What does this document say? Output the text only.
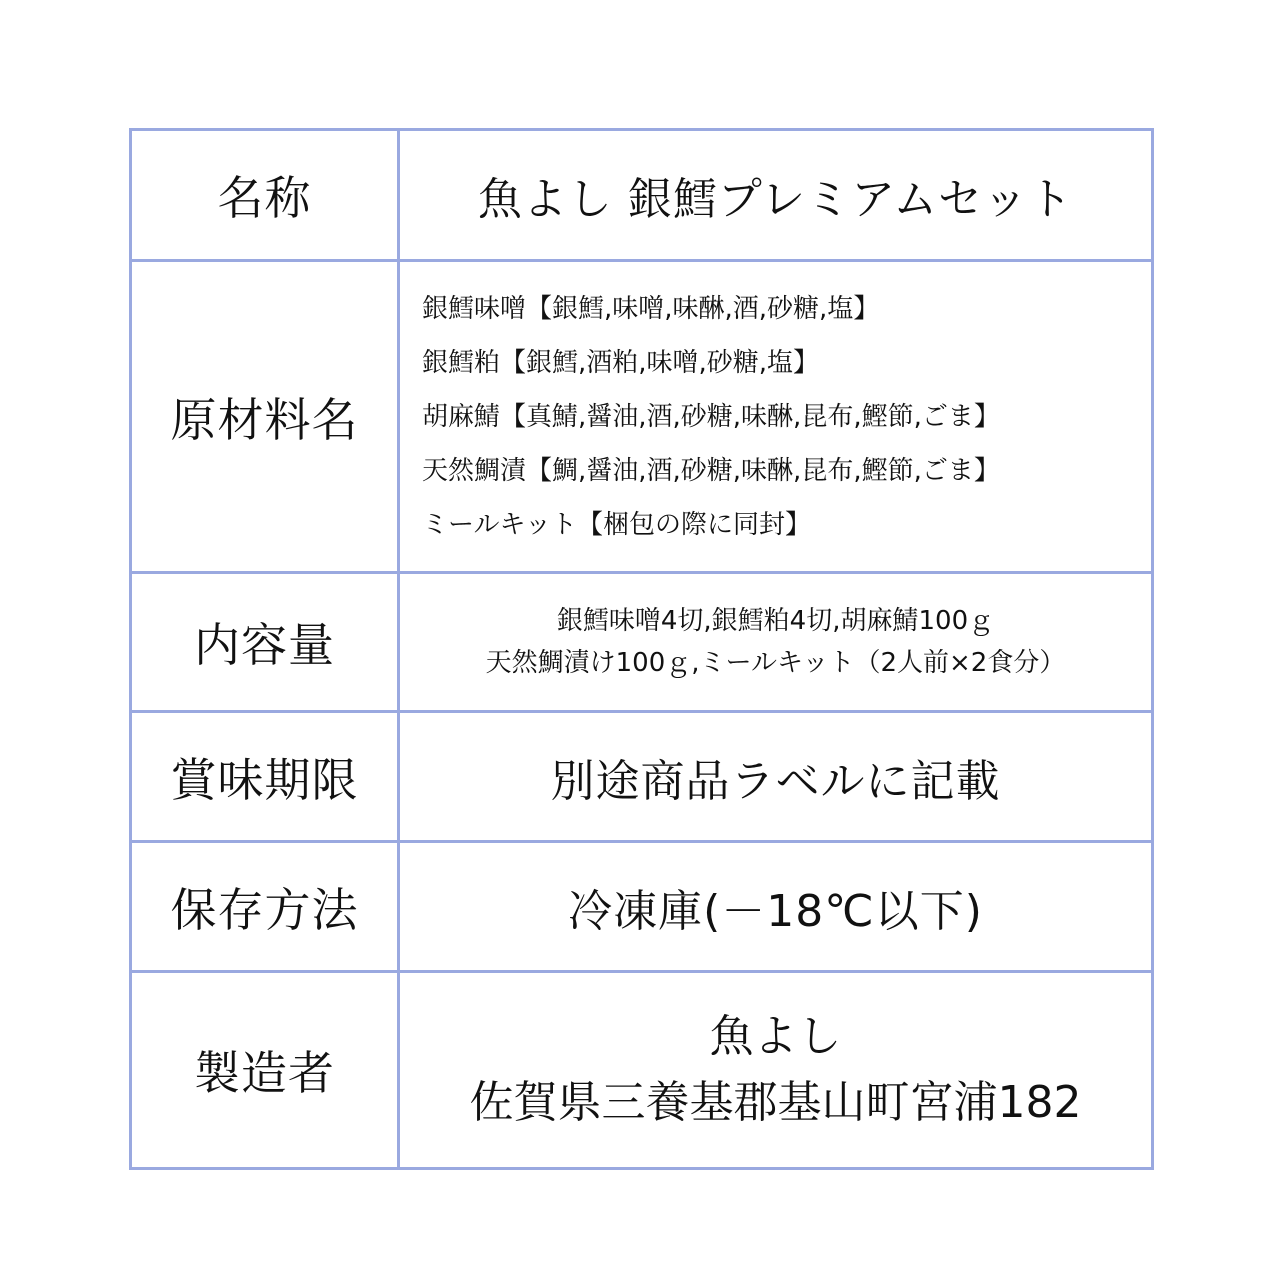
名称	魚よし 銀鱈プレミアムセット
原材料名	銀鱈味噌【銀鱈,味噌,味醂,酒,砂糖,塩】
銀鱈粕【銀鱈,酒粕,味噌,砂糖,塩】
胡麻鯖【真鯖,醤油,酒,砂糖,味醂,昆布,鰹節,ごま】
天然鯛漬【鯛,醤油,酒,砂糖,味醂,昆布,鰹節,ごま】
ミールキット【梱包の際に同封】

内容量	銀鱈味噌4切,銀鱈粕4切,胡麻鯖100ｇ
天然鯛漬け100ｇ,ミールキット（2人前×2食分）

賞味期限	別途商品ラベルに記載
保存方法	冷凍庫(－18℃以下)
製造者	魚よし
佐賀県三養基郡基山町宮浦182
